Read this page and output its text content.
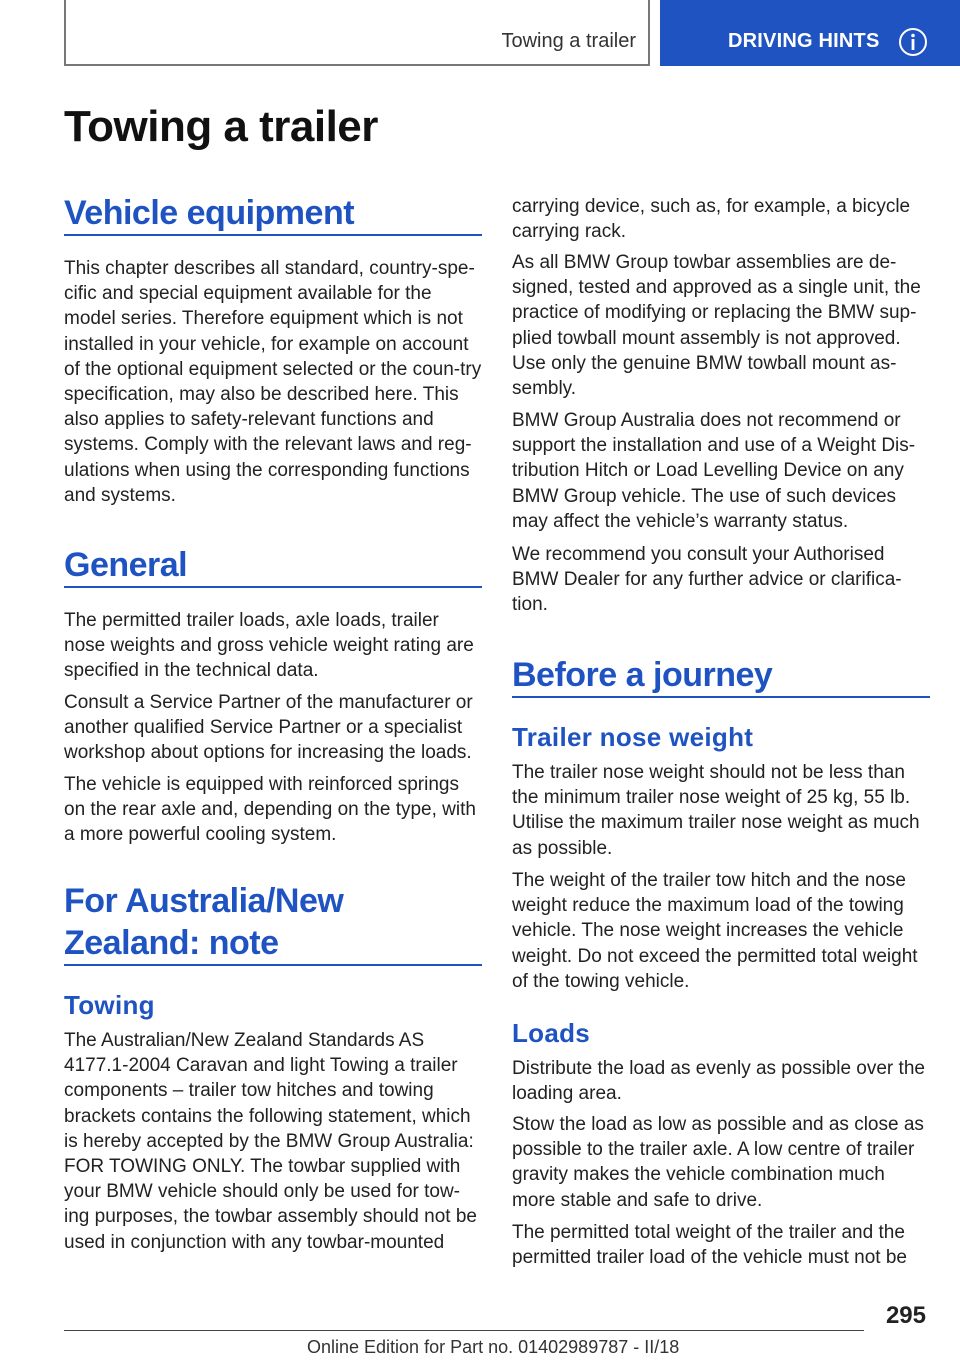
Towing a trailer	DRIVING HINTS
Towing a trailer
Vehicle equipment

This chapter describes all standard, country-spe-cific and special equipment available for the model series. Therefore equipment which is not installed in your vehicle, for example on account of the optional equipment selected or the coun-try specification, may also be described here. This also applies to safety-relevant functions and systems. Comply with the relevant laws and reg-ulations when using the corresponding functions and systems.

General

The permitted trailer loads, axle loads, trailer nose weights and gross vehicle weight rating are specified in the technical data.

Consult a Service Partner of the manufacturer or another qualified Service Partner or a specialist workshop about options for increasing the loads.

The vehicle is equipped with reinforced springs on the rear axle and, depending on the type, with a more powerful cooling system.

For Australia/New Zealand: note
Towing

The Australian/New Zealand Standards AS 4177.1-2004 Caravan and light Towing a trailer components – trailer tow hitches and towing brackets contains the following statement, which is hereby accepted by the BMW Group Australia: FOR TOWING ONLY. The towbar supplied with your BMW vehicle should only be used for tow-ing purposes, the towbar assembly should not be used in conjunction with any towbar-mounted

carrying device, such as, for example, a bicycle carrying rack.

As all BMW Group towbar assemblies are de-signed, tested and approved as a single unit, the practice of modifying or replacing the BMW sup-plied towball mount assembly is not approved. Use only the genuine BMW towball mount as-sembly.

BMW Group Australia does not recommend or support the installation and use of a Weight Dis-tribution Hitch or Load Levelling Device on any BMW Group vehicle. The use of such devices may affect the vehicle’s warranty status.

We recommend you consult your Authorised BMW Dealer for any further advice or clarifica-tion.

Before a journey
Trailer nose weight

The trailer nose weight should not be less than the minimum trailer nose weight of 25 kg, 55 lb. Utilise the maximum trailer nose weight as much as possible.

The weight of the trailer tow hitch and the nose weight reduce the maximum load of the towing vehicle. The nose weight increases the vehicle weight. Do not exceed the permitted total weight of the towing vehicle.

Loads

Distribute the load as evenly as possible over the loading area.

Stow the load as low as possible and as close as possible to the trailer axle. A low centre of trailer gravity makes the vehicle combination much more stable and safe to drive.

The permitted total weight of the trailer and the permitted trailer load of the vehicle must not be

295
Online Edition for Part no. 01402989787 - II/18
